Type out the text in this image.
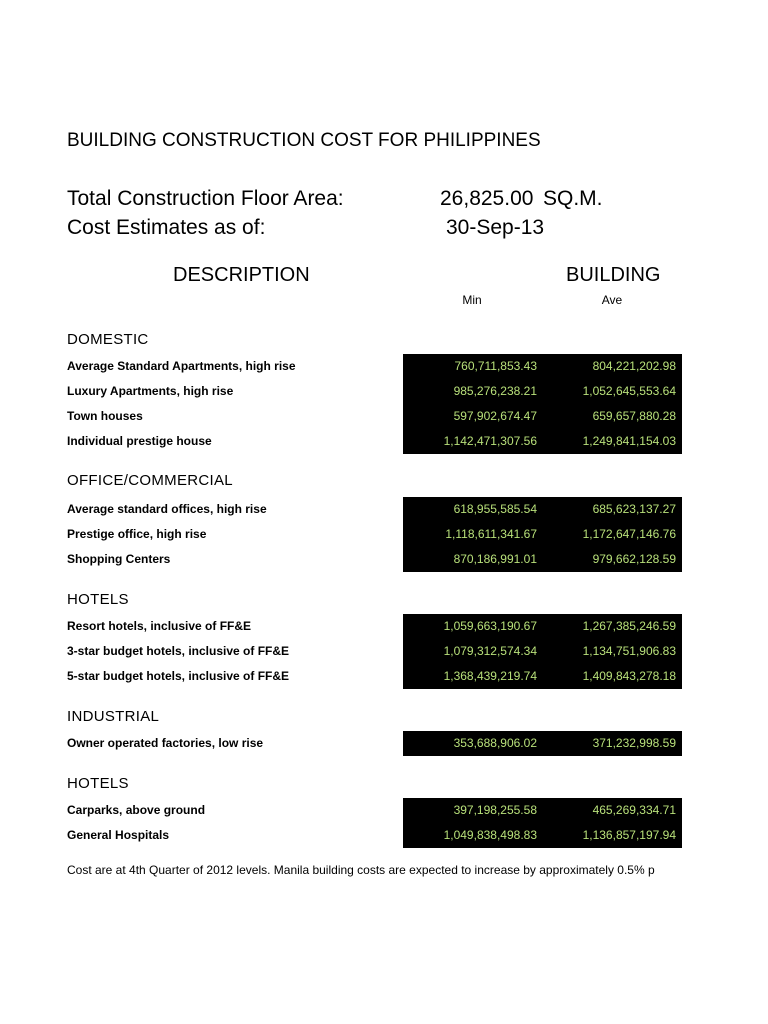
BUILDING CONSTRUCTION COST FOR PHILIPPINES
Total Construction Floor Area:	26,825.00 SQ.M.
Cost Estimates as of:	30-Sep-13
DESCRIPTION	BUILDING
Min	Ave
DOMESTIC
Average Standard Apartments, high rise	760,711,853.43	804,221,202.98
Luxury Apartments, high rise	985,276,238.21	1,052,645,553.64
Town houses	597,902,674.47	659,657,880.28
Individual prestige house	1,142,471,307.56	1,249,841,154.03
OFFICE/COMMERCIAL
Average standard offices, high rise	618,955,585.54	685,623,137.27
Prestige office, high rise	1,118,611,341.67	1,172,647,146.76
Shopping Centers	870,186,991.01	979,662,128.59
HOTELS
Resort hotels, inclusive of FF&E	1,059,663,190.67	1,267,385,246.59
3-star budget hotels, inclusive of FF&E	1,079,312,574.34	1,134,751,906.83
5-star budget hotels, inclusive of FF&E	1,368,439,219.74	1,409,843,278.18
INDUSTRIAL
Owner operated factories, low rise	353,688,906.02	371,232,998.59
HOTELS
Carparks, above ground	397,198,255.58	465,269,334.71
General Hospitals	1,049,838,498.83	1,136,857,197.94
Cost are at 4th Quarter of 2012 levels. Manila building costs are expected to increase by approximately 0.5% p
